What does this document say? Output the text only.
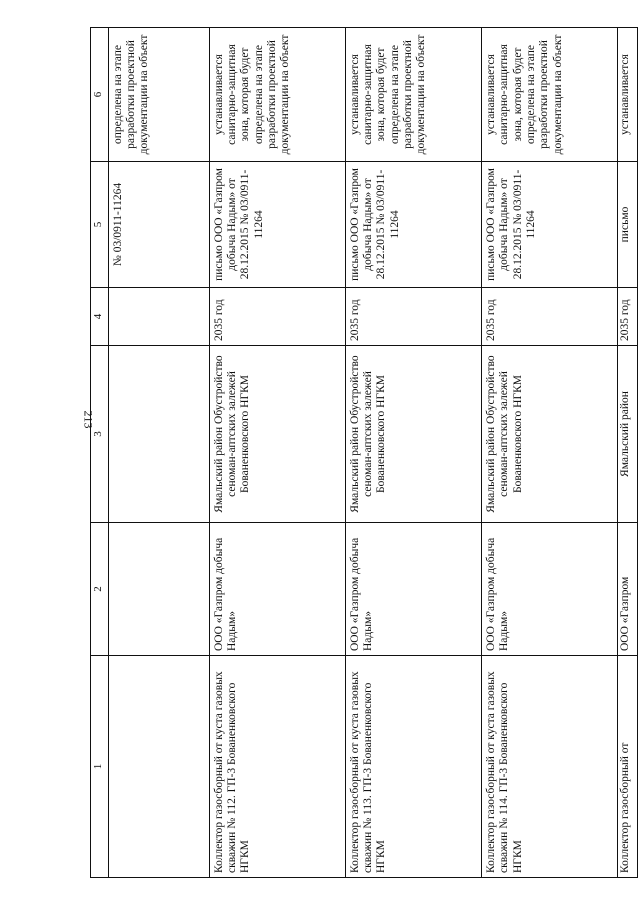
213
1	2	3	4	5	6
				№ 03/0911-11264	определена на этапе разработки проектной документации на объект
Коллектор газосборный от куста газовых скважин № 112. ГП-3 Бованенковского НГКМ	ООО «Газпром добыча Надым»	Ямальский район Обустройство сеноман-аптских залежей Бованенковского НГКМ	2035 год	письмо ООО «Газпром добыча Надым» от 28.12.2015 № 03/0911-11264	устанавливается санитарно-защитная зона, которая будет определена на этапе разработки проектной документации на объект
Коллектор газосборный от куста газовых скважин № 113. ГП-3 Бованенковского НГКМ	ООО «Газпром добыча Надым»	Ямальский район Обустройство сеноман-аптских залежей Бованенковского НГКМ	2035 год	письмо ООО «Газпром добыча Надым» от 28.12.2015 № 03/0911-11264	устанавливается санитарно-защитная зона, которая будет определена на этапе разработки проектной документации на объект
Коллектор газосборный от куста газовых скважин № 114. ГП-3 Бованенковского НГКМ	ООО «Газпром добыча Надым»	Ямальский район Обустройство сеноман-аптских залежей Бованенковского НГКМ	2035 год	письмо ООО «Газпром добыча Надым» от 28.12.2015 № 03/0911-11264	устанавливается санитарно-защитная зона, которая будет определена на этапе разработки проектной документации на объект
Коллектор газосборный от	ООО «Газпром	Ямальский район	2035 год	письмо	устанавливается
